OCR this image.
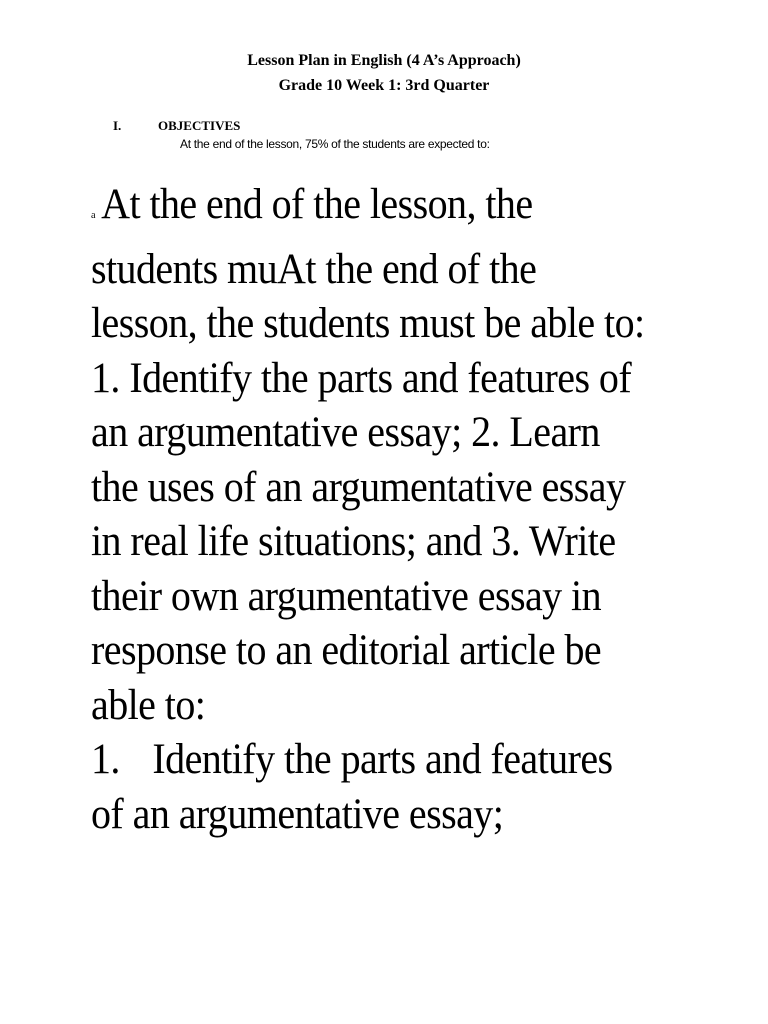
Lesson Plan in English (4 A’s Approach)
Grade 10 Week 1: 3rd Quarter
I.	OBJECTIVES
At the end of the lesson, 75% of the students are expected to:
a At the end of the lesson, the students muAt the end of the lesson, the students must be able to: 1. Identify the parts and features of an argumentative essay; 2. Learn the uses of an argumentative essay in real life situations; and 3. Write their own argumentative essay in response to an editorial article be able to:
1. Identify the parts and features of an argumentative essay;
